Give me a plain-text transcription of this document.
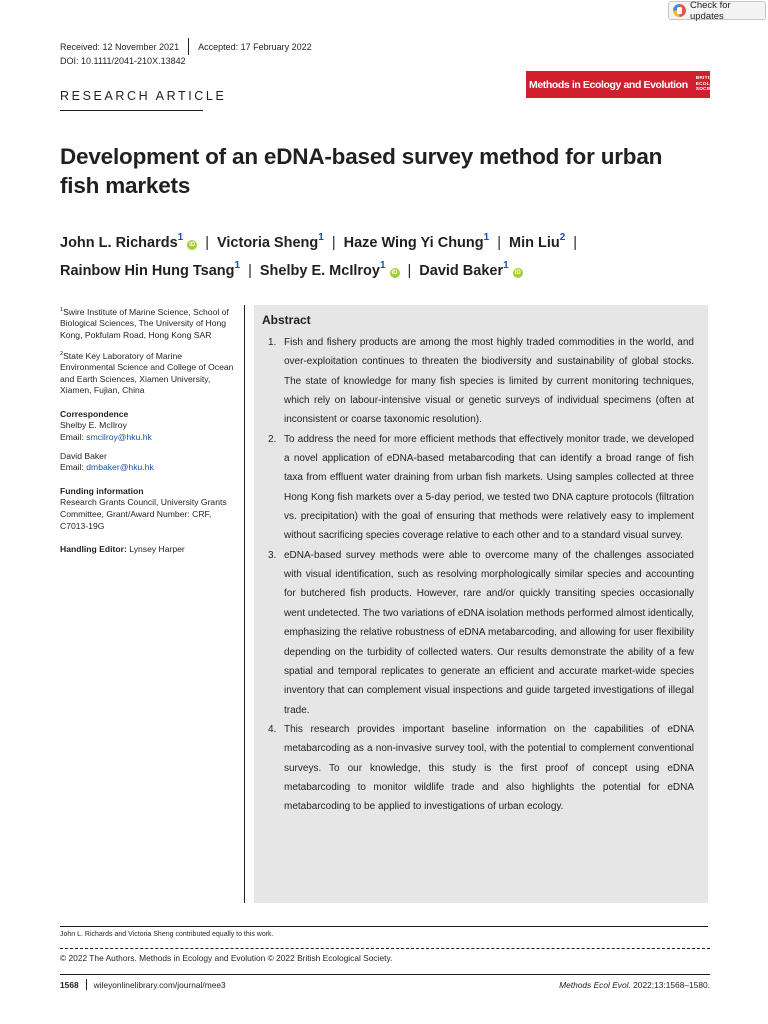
Check for updates
Received: 12 November 2021 Accepted: 17 February 2022
DOI: 10.1111/2041-210X.13842
Methods in Ecology and Evolution BRITISH
ECOLOGICAL
SOCIETY
RESEARCH ARTICLE
Development of an eDNA-based survey method for urban fish markets
John L. Richards$^1$iD | Victoria Sheng$^1$ | Haze Wing Yi Chung$^1$ | Min Liu$^2$ |
Rainbow Hin Hung Tsang$^1$ | Shelby E. McIlroy$^1$iD | David Baker$^1$iD

$^1$Swire Institute of Marine Science, School of Biological Sciences, The University of Hong Kong, Pokfulam Road, Hong Kong SAR

$^2$State Key Laboratory of Marine Environmental Science and College of Ocean and Earth Sciences, Xiamen University, Xiamen, Fujian, China

Correspondence

Shelby E. McIlroy

Email: smcilroy@hku.hk

David Baker

Email: dmbaker@hku.hk

Funding information

Research Grants Council, University Grants Committee, Grant/Award Number: CRF, C7013-19G

Handling Editor: Lynsey Harper

Abstract
1. Fish and fishery products are among the most highly traded commodities in the world, and over-exploitation continues to threaten the biodiversity and sustainability of global stocks. The state of knowledge for many fish species is limited by current monitoring techniques, which rely on labour-intensive visual or genetic surveys of individual specimens (often at inconsistent or coarse taxonomic resolution).
2. To address the need for more efficient methods that effectively monitor trade, we developed a novel application of eDNA-based metabarcoding that can identify a broad range of fish taxa from effluent water draining from urban fish markets. Using samples collected at three Hong Kong fish markets over a 5-day period, we tested two DNA capture protocols (filtration vs. precipitation) with the goal of ensuring that methods were relatively easy to implement without sacrificing species coverage relative to each other and to a standard visual survey.
3. eDNA-based survey methods were able to overcome many of the challenges associated with visual identification, such as resolving morphologically similar species and accounting for butchered fish products. However, rare and/or quickly transiting species occasionally went undetected. The two variations of eDNA isolation methods performed almost identically, emphasizing the relative robustness of eDNA metabarcoding, and allowing for user flexibility depending on the turbidity of collected waters. Our results demonstrate the ability of a few spatial and temporal replicates to generate an efficient and accurate market-wide species inventory that can complement visual inspections and guide targeted investigations of illegal trade.
4. This research provides important baseline information on the capabilities of eDNA metabarcoding as a non-invasive survey tool, with the potential to complement conventional surveys. To our knowledge, this study is the first proof of concept using eDNA metabarcoding to monitor wildlife trade and also highlights the potential for eDNA metabarcoding to be applied to investigations of urban ecology.
John L. Richards and Victoria Sheng contributed equally to this work.
© 2022 The Authors. Methods in Ecology and Evolution © 2022 British Ecological Society.
1568 wileyonlinelibrary.com/journal/mee3	Methods Ecol Evol. 2022;13:1568–1580.
